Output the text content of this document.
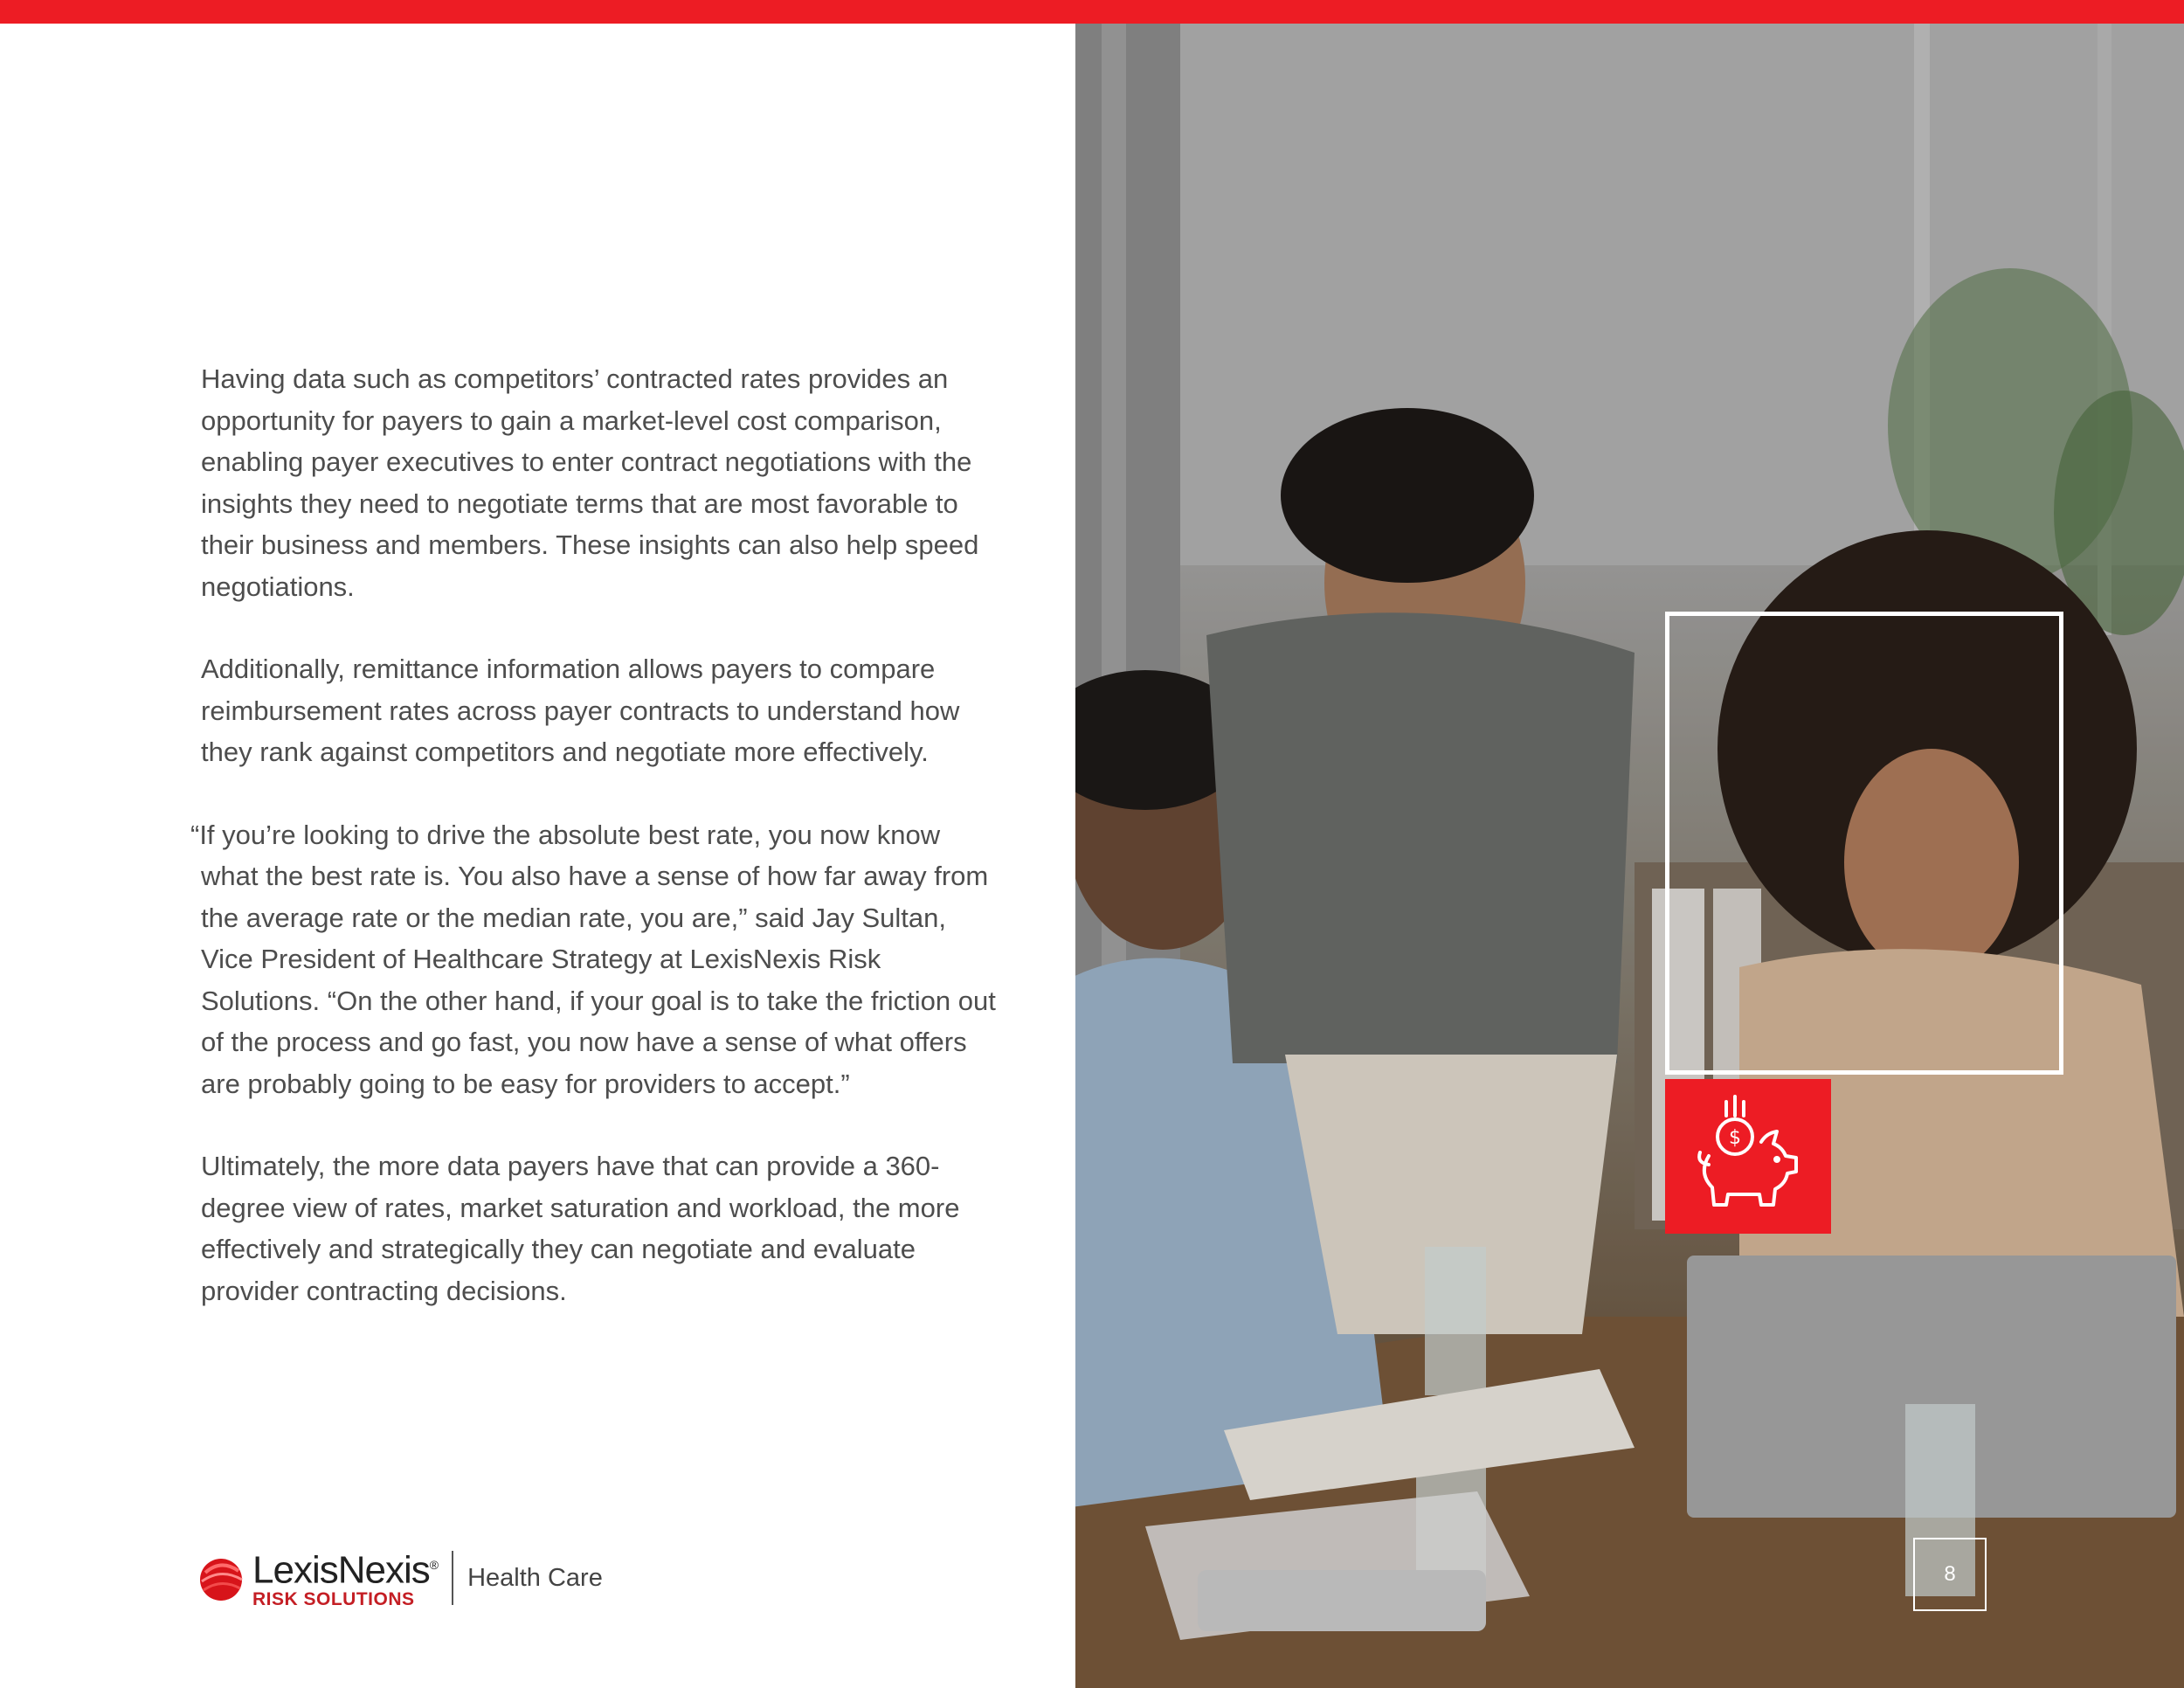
Having data such as competitors’ contracted rates provides an opportunity for payers to gain a market-level cost comparison, enabling payer executives to enter contract negotiations with the insights they need to negotiate terms that are most favorable to their business and members. These insights can also help speed negotiations.

Additionally, remittance information allows payers to compare reimbursement rates across payer contracts to understand how they rank against competitors and negotiate more effectively.

“If you’re looking to drive the absolute best rate, you now know what the best rate is. You also have a sense of how far away from the average rate or the median rate, you are,” said Jay Sultan, Vice President of Healthcare Strategy at LexisNexis Risk Solutions. “On the other hand, if your goal is to take the friction out of the process and go fast, you now have a sense of what offers are probably going to be easy for providers to accept.”

Ultimately, the more data payers have that can provide a 360-degree view of rates, market saturation and workload, the more effectively and strategically they can negotiate and evaluate provider contracting decisions.

$
8
LexisNexis®
RISK SOLUTIONS
Health Care
